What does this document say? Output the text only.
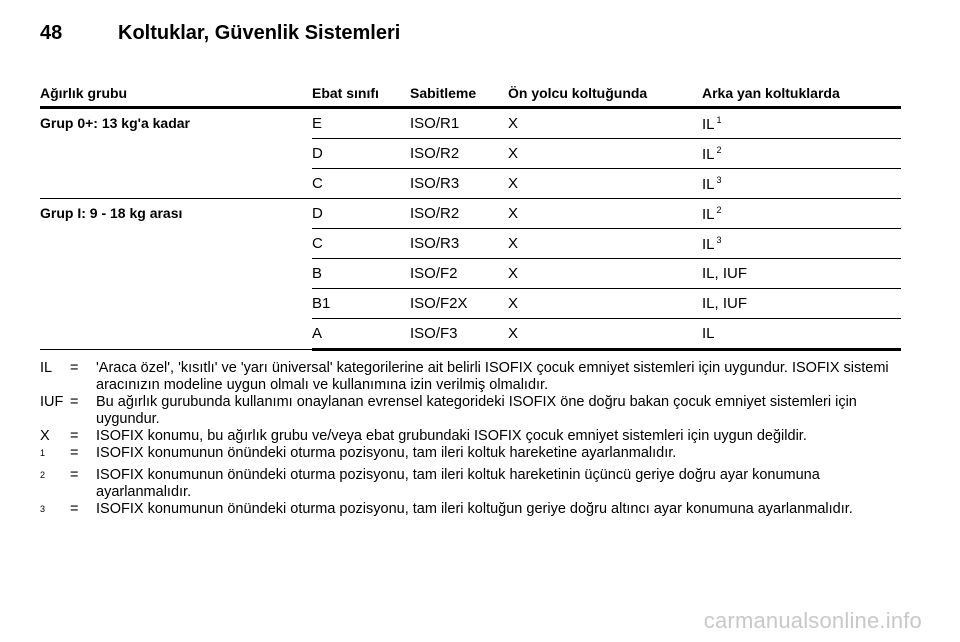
48	Koltuklar, Güvenlik Sistemleri
Ağırlık grubu	Ebat sınıfı	Sabitleme	Ön yolcu koltuğunda	Arka yan koltuklarda
Grup 0+: 13 kg'a kadar	E	ISO/R1	X	IL $^1$
	D	ISO/R2	X	IL $^2$
	C	ISO/R3	X	IL $^3$
Grup I: 9 - 18 kg arası	D	ISO/R2	X	IL $^2$
	C	ISO/R3	X	IL $^3$
	B	ISO/F2	X	IL, IUF
	B1	ISO/F2X	X	IL, IUF
	A	ISO/F3	X	IL
IL	=	'Araca özel', 'kısıtlı' ve 'yarı üniversal' kategorilerine ait belirli ISOFIX çocuk emniyet sistemleri için uygundur. ISOFIX sistemi aracınızın modeline uygun olmalı ve kullanımına izin verilmiş olmalıdır.
IUF =	Bu ağırlık gurubunda kullanımı onaylanan evrensel kategorideki ISOFIX öne doğru bakan çocuk emniyet sistemleri için uygundur.
X	=	ISOFIX konumu, bu ağırlık grubu ve/veya ebat grubundaki ISOFIX çocuk emniyet sistemleri için uygun değildir.
$^1$	=	ISOFIX konumunun önündeki oturma pozisyonu, tam ileri koltuk hareketine ayarlanmalıdır.
$^2$	=	ISOFIX konumunun önündeki oturma pozisyonu, tam ileri koltuk hareketinin üçüncü geriye doğru ayar konumuna ayarlanmalıdır.
$^3$	=	ISOFIX konumunun önündeki oturma pozisyonu, tam ileri koltuğun geriye doğru altıncı ayar konumuna ayarlanmalıdır.
carmanualsonline.info
